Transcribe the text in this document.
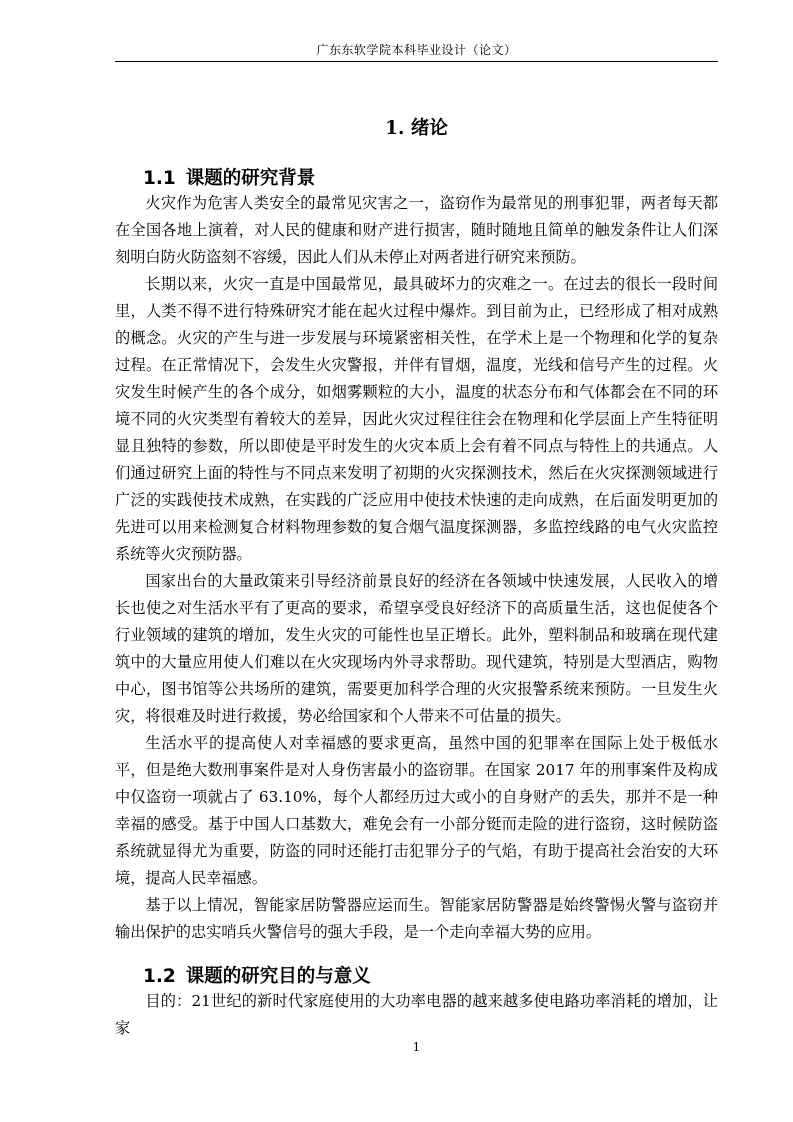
广东东软学院本科毕业设计（论文）
1. 绪论
1.1 课题的研究背景

火灾作为危害人类安全的最常见灾害之一，盗窃作为最常见的刑事犯罪，两者每天都在全国各地上演着，对人民的健康和财产进行损害，随时随地且简单的触发条件让人们深刻明白防火防盗刻不容缓，因此人们从未停止对两者进行研究来预防。

长期以来，火灾一直是中国最常见，最具破坏力的灾难之一。在过去的很长一段时间里，人类不得不进行特殊研究才能在起火过程中爆炸。到目前为止，已经形成了相对成熟的概念。火灾的产生与进一步发展与环境紧密相关性，在学术上是一个物理和化学的复杂过程。在正常情况下，会发生火灾警报，并伴有冒烟，温度，光线和信号产生的过程。火灾发生时候产生的各个成分，如烟雾颗粒的大小，温度的状态分布和气体都会在不同的环境不同的火灾类型有着较大的差异，因此火灾过程往往会在物理和化学层面上产生特征明显且独特的参数，所以即使是平时发生的火灾本质上会有着不同点与特性上的共通点。人们通过研究上面的特性与不同点来发明了初期的火灾探测技术，然后在火灾探测领域进行广泛的实践使技术成熟，在实践的广泛应用中使技术快速的走向成熟，在后面发明更加的先进可以用来检测复合材料物理参数的复合烟气温度探测器，多监控线路的电气火灾监控系统等火灾预防器。

国家出台的大量政策来引导经济前景良好的经济在各领域中快速发展，人民收入的增长也使之对生活水平有了更高的要求，希望享受良好经济下的高质量生活，这也促使各个行业领域的建筑的增加，发生火灾的可能性也呈正增长。此外，塑料制品和玻璃在现代建筑中的大量应用使人们难以在火灾现场内外寻求帮助。现代建筑，特别是大型酒店，购物中心，图书馆等公共场所的建筑，需要更加科学合理的火灾报警系统来预防。一旦发生火灾，将很难及时进行救援，势必给国家和个人带来不可估量的损失。

生活水平的提高使人对幸福感的要求更高，虽然中国的犯罪率在国际上处于极低水平，但是绝大数刑事案件是对人身伤害最小的盗窃罪。在国家 2017 年的刑事案件及构成中仅盗窃一项就占了 63.10%，每个人都经历过大或小的自身财产的丢失，那并不是一种幸福的感受。基于中国人口基数大，难免会有一小部分铤而走险的进行盗窃，这时候防盗系统就显得尤为重要，防盗的同时还能打击犯罪分子的气焰，有助于提高社会治安的大环境，提高人民幸福感。

基于以上情况，智能家居防警器应运而生。智能家居防警器是始终警惕火警与盗窃并输出保护的忠实哨兵火警信号的强大手段，是一个走向幸福大势的应用。

1.2 课题的研究目的与意义

目的：21世纪的新时代家庭使用的大功率电器的越来越多使电路功率消耗的增加，让家

1
